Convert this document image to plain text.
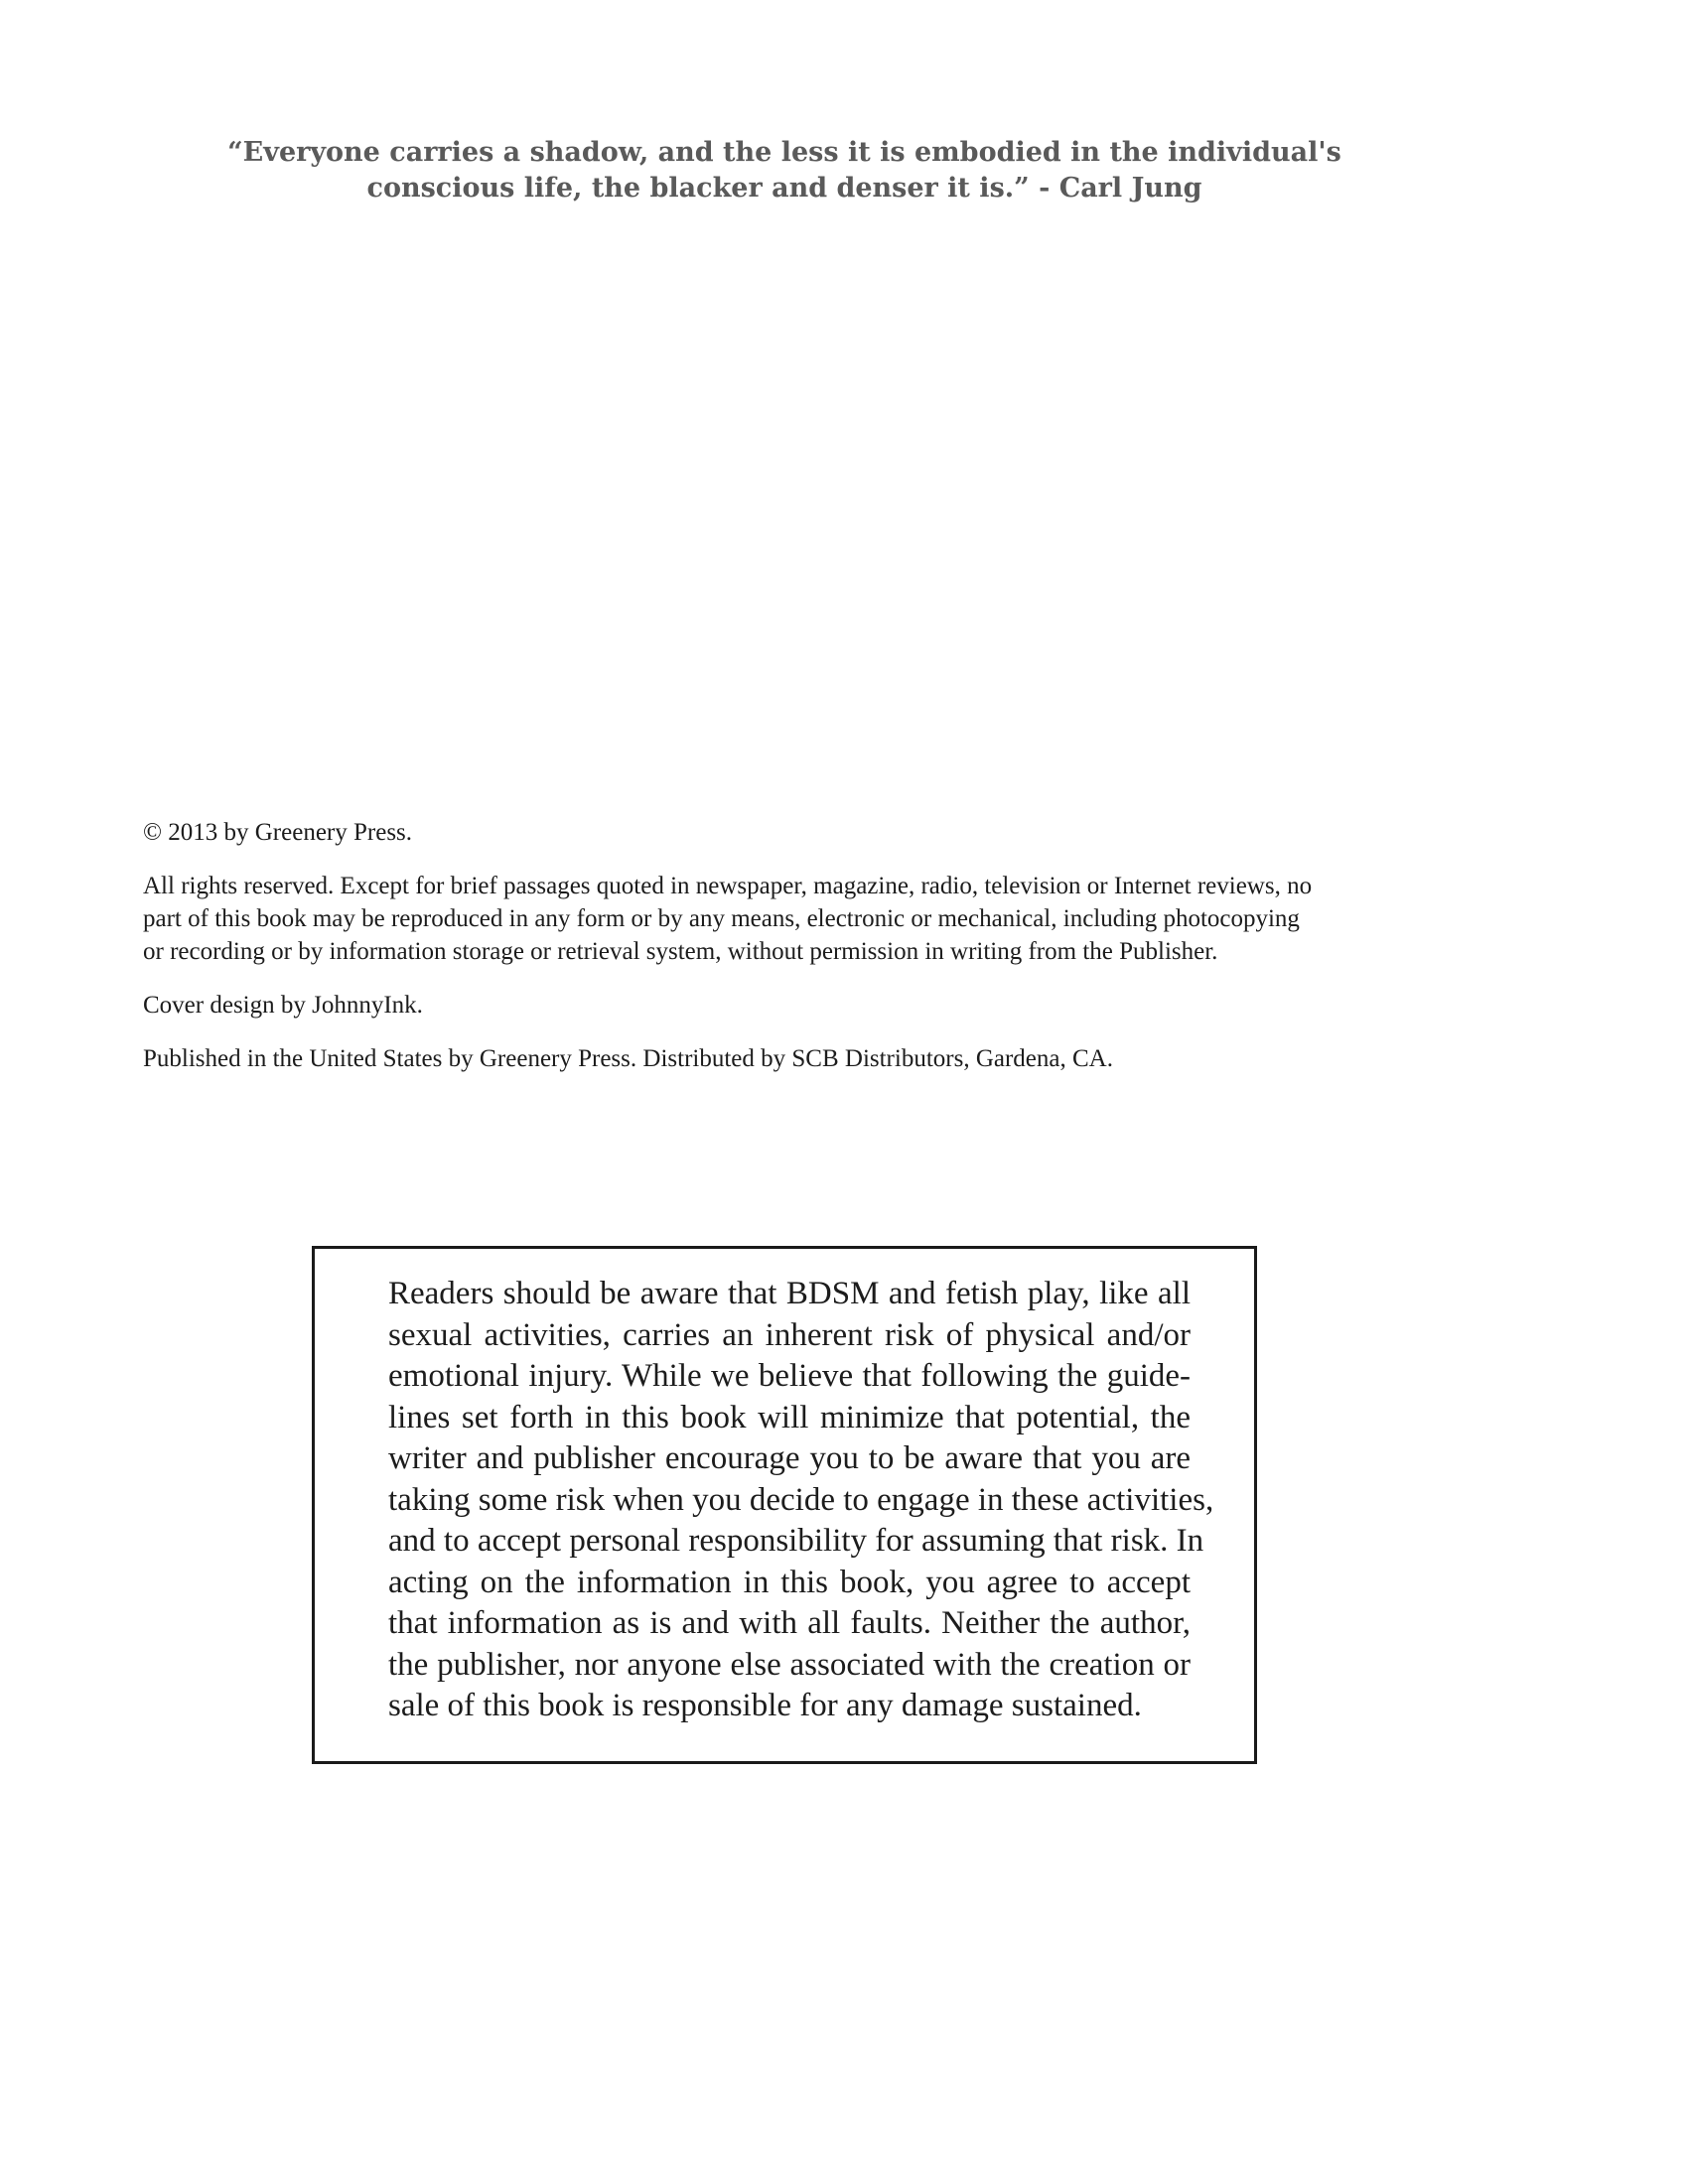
“Everyone carries a shadow, and the less it is embodied in the individual's
conscious life, the blacker and denser it is.” - Carl Jung

© 2013 by Greenery Press.

All rights reserved. Except for brief passages quoted in newspaper, magazine, radio, television or Internet reviews, no
part of this book may be reproduced in any form or by any means, electronic or mechanical, including photocopying
or recording or by information storage or retrieval system, without permission in writing from the Publisher.

Cover design by JohnnyInk.

Published in the United States by Greenery Press. Distributed by SCB Distributors, Gardena, CA.

Readers should be aware that BDSM and fetish play, like all
sexual activities, carries an inherent risk of physical and/or
emotional injury. While we believe that following the guide-
lines set forth in this book will minimize that potential, the
writer and publisher encourage you to be aware that you are
taking some risk when you decide to engage in these activities,
and to accept personal responsibility for assuming that risk. In
acting on the information in this book, you agree to accept
that information as is and with all faults. Neither the author,
the publisher, nor anyone else associated with the creation or
sale of this book is responsible for any damage sustained.
